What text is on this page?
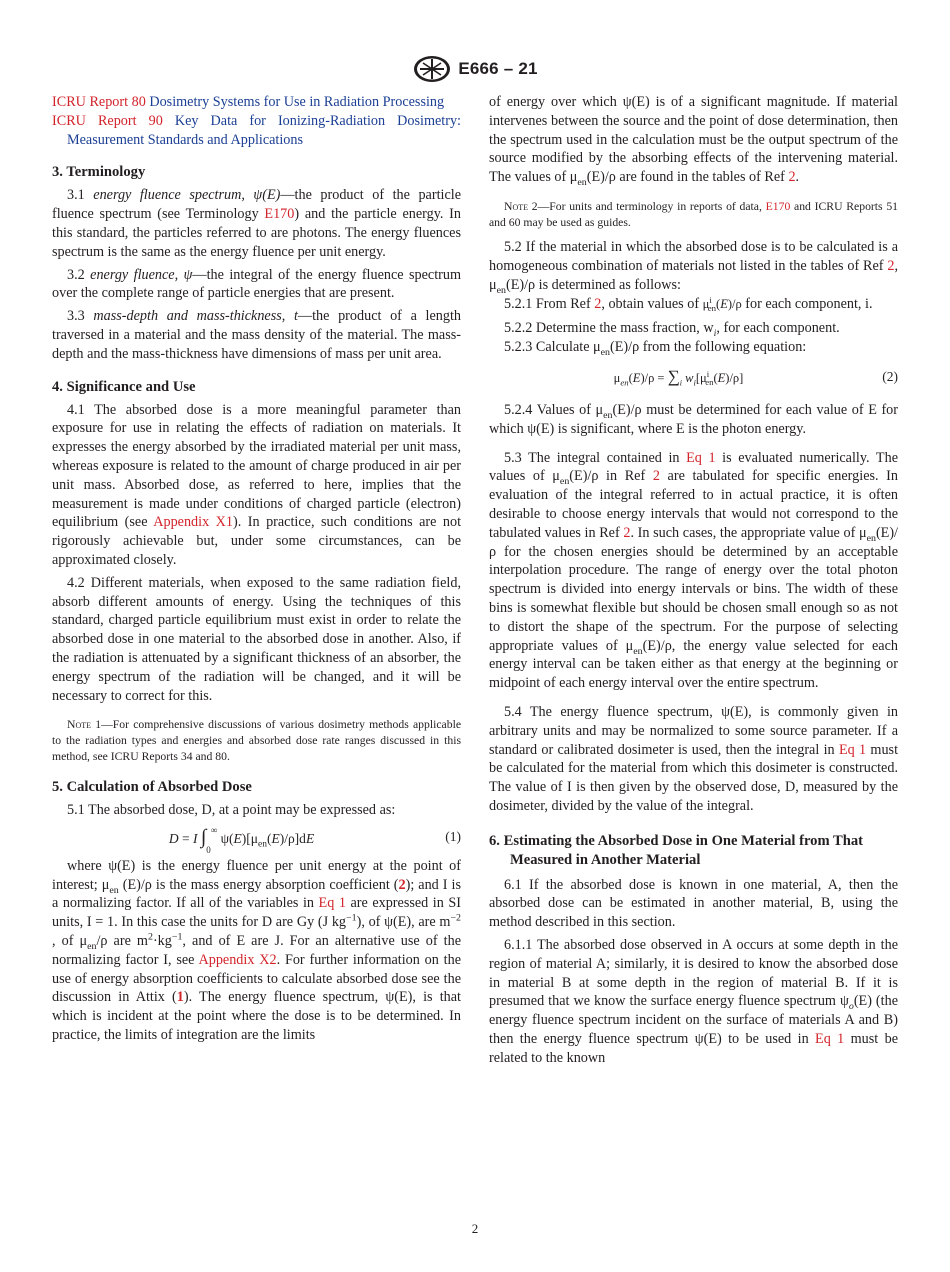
E666 – 21

ICRU Report 80 Dosimetry Systems for Use in Radiation Processing

ICRU Report 90 Key Data for Ionizing-Radiation Dosimetry: Measurement Standards and Applications

3. Terminology

3.1 energy fluence spectrum, ψ(E)—the product of the particle fluence spectrum (see Terminology E170) and the particle energy. In this standard, the particles referred to are photons. The energy fluences spectrum is the same as the energy fluence per unit energy.

3.2 energy fluence, ψ—the integral of the energy fluence spectrum over the complete range of particle energies that are present.

3.3 mass-depth and mass-thickness, t—the product of a length traversed in a material and the mass density of the material. The mass-depth and the mass-thickness have dimensions of mass per unit area.

4. Significance and Use

4.1 The absorbed dose is a more meaningful parameter than exposure for use in relating the effects of radiation on materials. It expresses the energy absorbed by the irradiated material per unit mass, whereas exposure is related to the amount of charge produced in air per unit mass. Absorbed dose, as referred to here, implies that the measurement is made under conditions of charged particle (electron) equilibrium (see Appendix X1). In practice, such conditions are not rigorously achievable but, under some circumstances, can be approximated closely.

4.2 Different materials, when exposed to the same radiation field, absorb different amounts of energy. Using the techniques of this standard, charged particle equilibrium must exist in order to relate the absorbed dose in one material to the absorbed dose in another. Also, if the radiation is attenuated by a significant thickness of an absorber, the energy spectrum of the radiation will be changed, and it will be necessary to correct for this.

Note 1—For comprehensive discussions of various dosimetry methods applicable to the radiation types and energies and absorbed dose rate ranges discussed in this method, see ICRU Reports 34 and 80.

5. Calculation of Absorbed Dose

5.1 The absorbed dose, D, at a point may be expressed as:

D = I $\int_0^\infty$ $\psi(E)[\mu_{en}(E)/\rho]dE$	(1)

where ψ(E) is the energy fluence per unit energy at the point of interest; $\mu_{en}$ (E)/ρ is the mass energy absorption coefficient (2); and I is a normalizing factor. If all of the variables in Eq 1 are expressed in SI units, I = 1. In this case the units for D are Gy (J $kg^{-1}$), of ψ(E), are $m^{-2}$ , of $\mu_{en}/\rho$ are $m^2\cdot kg^{-1}$, and of E are J. For an alternative use of the normalizing factor I, see Appendix X2. For further information on the use of energy absorption coefficients to calculate absorbed dose see the discussion in Attix (1). The energy fluence spectrum, ψ(E), is that which is incident at the point where the dose is to be determined. In practice, the limits of integration are the limits

of energy over which ψ(E) is of a significant magnitude. If material intervenes between the source and the point of dose determination, then the spectrum used in the calculation must be the output spectrum of the source modified by the absorbing effects of the intervening material. The values of $\mu_{en}(E)/\rho$ are found in the tables of Ref 2.

Note 2—For units and terminology in reports of data, E170 and ICRU Reports 51 and 60 may be used as guides.

5.2 If the material in which the absorbed dose is to be calculated is a homogeneous combination of materials not listed in the tables of Ref 2, $\mu_{en}(E)/\rho$ is determined as follows:

5.2.1 From Ref 2, obtain values of $\mu^i_{en}(E)/\rho$ for each component, i.

5.2.2 Determine the mass fraction, $w_i$, for each component.

5.2.3 Calculate $\mu_{en}(E)/\rho$ from the following equation:

$\mu_{en}(E)/\rho = \sum_i$ $w_i[\mu^i_{en}(E)/\rho]$	(2)

5.2.4 Values of $\mu_{en}(E)/\rho$ must be determined for each value of E for which ψ(E) is significant, where E is the photon energy.

5.3 The integral contained in Eq 1 is evaluated numerically. The values of $\mu_{en}(E)/\rho$ in Ref 2 are tabulated for specific energies. In evaluation of the integral referred to in actual practice, it is often desirable to choose energy intervals that would not correspond to the tabulated values in Ref 2. In such cases, the appropriate value of $\mu_{en}(E)/\rho$ for the chosen energies should be determined by an acceptable interpolation procedure. The range of energy over the total photon spectrum is divided into energy intervals or bins. The width of these bins is somewhat flexible but should be chosen small enough so as not to distort the shape of the spectrum. For the purpose of selecting appropriate values of $\mu_{en}(E)/\rho$, the energy value selected for each energy interval can be taken either as that energy at the beginning or midpoint of each energy interval over the entire spectrum.

5.4 The energy fluence spectrum, ψ(E), is commonly given in arbitrary units and may be normalized to some source parameter. If a standard or calibrated dosimeter is used, then the integral in Eq 1 must be calculated for the material from which this dosimeter is constructed. The value of I is then given by the observed dose, D, measured by the dosimeter, divided by the value of the integral.

6. Estimating the Absorbed Dose in One Material from That Measured in Another Material

6.1 If the absorbed dose is known in one material, A, then the absorbed dose can be estimated in another material, B, using the method described in this section.

6.1.1 The absorbed dose observed in A occurs at some depth in the region of material A; similarly, it is desired to know the absorbed dose in material B at some depth in the region of material B. If it is presumed that we know the surface energy fluence spectrum $\psi_o(E)$ (the energy fluence spectrum incident on the surface of materials A and B) then the energy fluence spectrum ψ(E) to be used in Eq 1 must be related to the known

2
